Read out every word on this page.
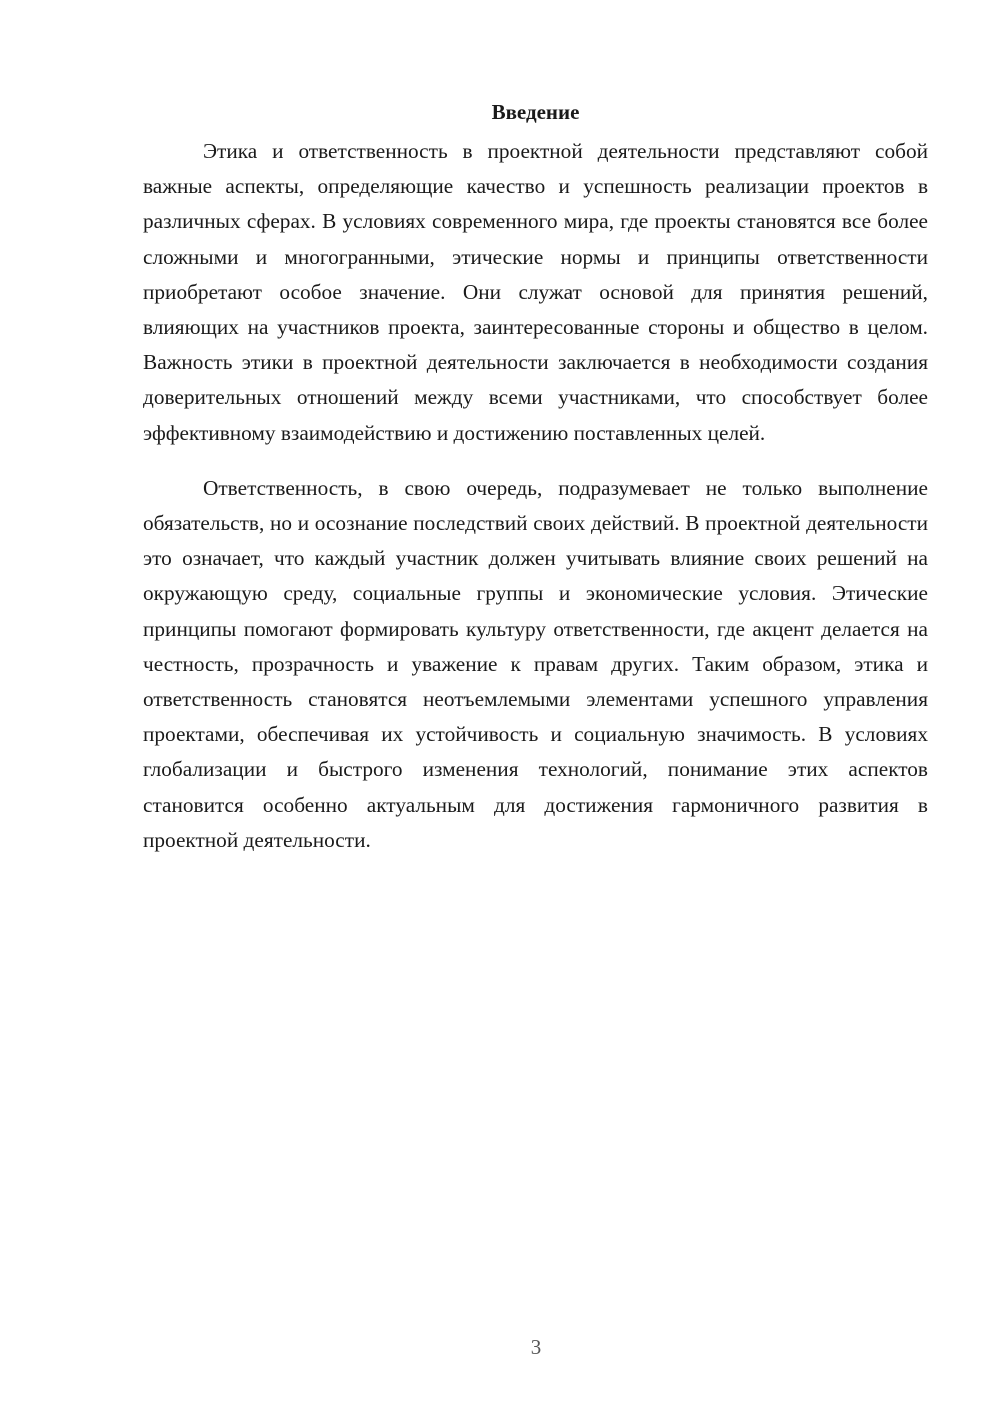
Введение

Этика и ответственность в проектной деятельности представляют собой важные аспекты, определяющие качество и успешность реализации проектов в различных сферах. В условиях современного мира, где проекты становятся все более сложными и многогранными, этические нормы и принципы ответственности приобретают особое значение. Они служат основой для принятия решений, влияющих на участников проекта, заинтересованные стороны и общество в целом. Важность этики в проектной деятельности заключается в необходимости создания доверительных отношений между всеми участниками, что способствует более эффективному взаимодействию и достижению поставленных целей.

Ответственность, в свою очередь, подразумевает не только выполнение обязательств, но и осознание последствий своих действий. В проектной деятельности это означает, что каждый участник должен учитывать влияние своих решений на окружающую среду, социальные группы и экономические условия. Этические принципы помогают формировать культуру ответственности, где акцент делается на честность, прозрачность и уважение к правам других. Таким образом, этика и ответственность становятся неотъемлемыми элементами успешного управления проектами, обеспечивая их устойчивость и социальную значимость. В условиях глобализации и быстрого изменения технологий, понимание этих аспектов становится особенно актуальным для достижения гармоничного развития в проектной деятельности.

3
